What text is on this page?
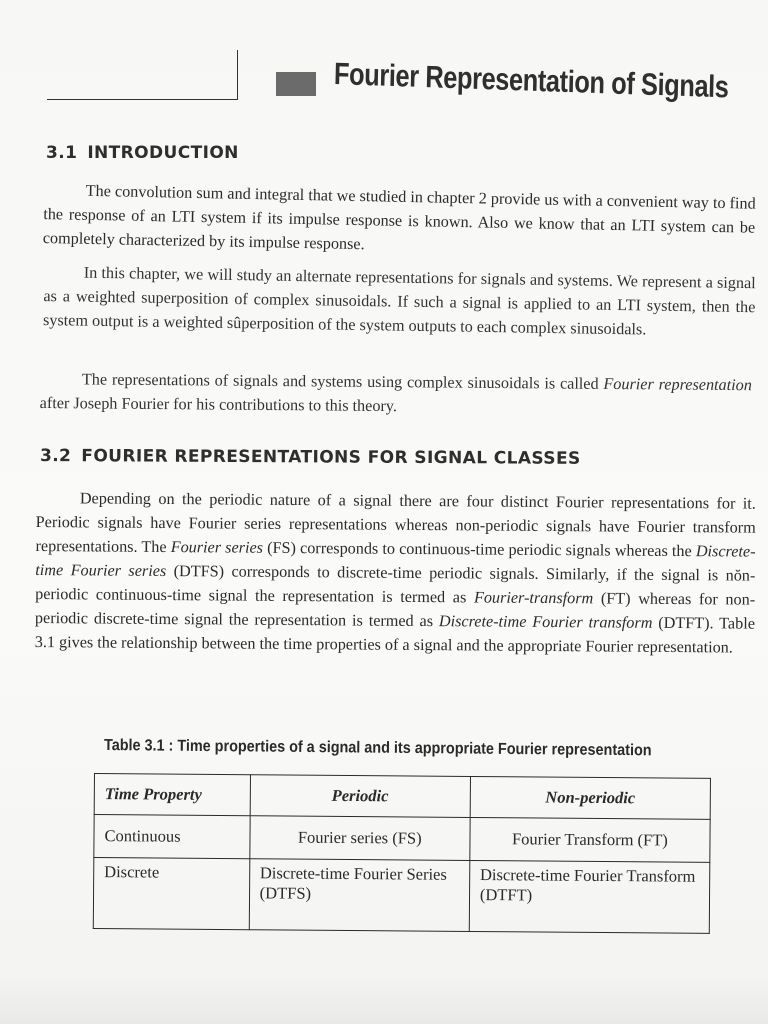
Fourier Representation of Signals
3.1 INTRODUCTION
The convolution sum and integral that we studied in chapter 2 provide us with a convenient way to find the response of an LTI system if its impulse response is known. Also we know that an LTI system can be completely characterized by its impulse response.
In this chapter, we will study an alternate representations for signals and systems. We represent a signal as a weighted superposition of complex sinusoidals. If such a signal is applied to an LTI system, then the system output is a weighted sûperposition of the system outputs to each complex sinusoidals.
The representations of signals and systems using complex sinusoidals is called Fourier representation after Joseph Fourier for his contributions to this theory.
3.2 FOURIER REPRESENTATIONS FOR SIGNAL CLASSES
Depending on the periodic nature of a signal there are four distinct Fourier representations for it. Periodic signals have Fourier series representations whereas non-periodic signals have Fourier transform representations. The Fourier series (FS) corresponds to continuous-time periodic signals whereas the Discrete-time Fourier series (DTFS) corresponds to discrete-time periodic signals. Similarly, if the signal is nŏn-periodic continuous-time signal the representation is termed as Fourier-transform (FT) whereas for non-periodic discrete-time signal the representation is termed as Discrete-time Fourier transform (DTFT). Table 3.1 gives the relationship between the time properties of a signal and the appropriate Fourier representation.
Table 3.1 : Time properties of a signal and its appropriate Fourier representation
Time Property	Periodic	Non-periodic
Continuous	Fourier series (FS)	Fourier Transform (FT)
Discrete	Discrete-time Fourier Series (DTFS)	Discrete-time Fourier Transform (DTFT)
